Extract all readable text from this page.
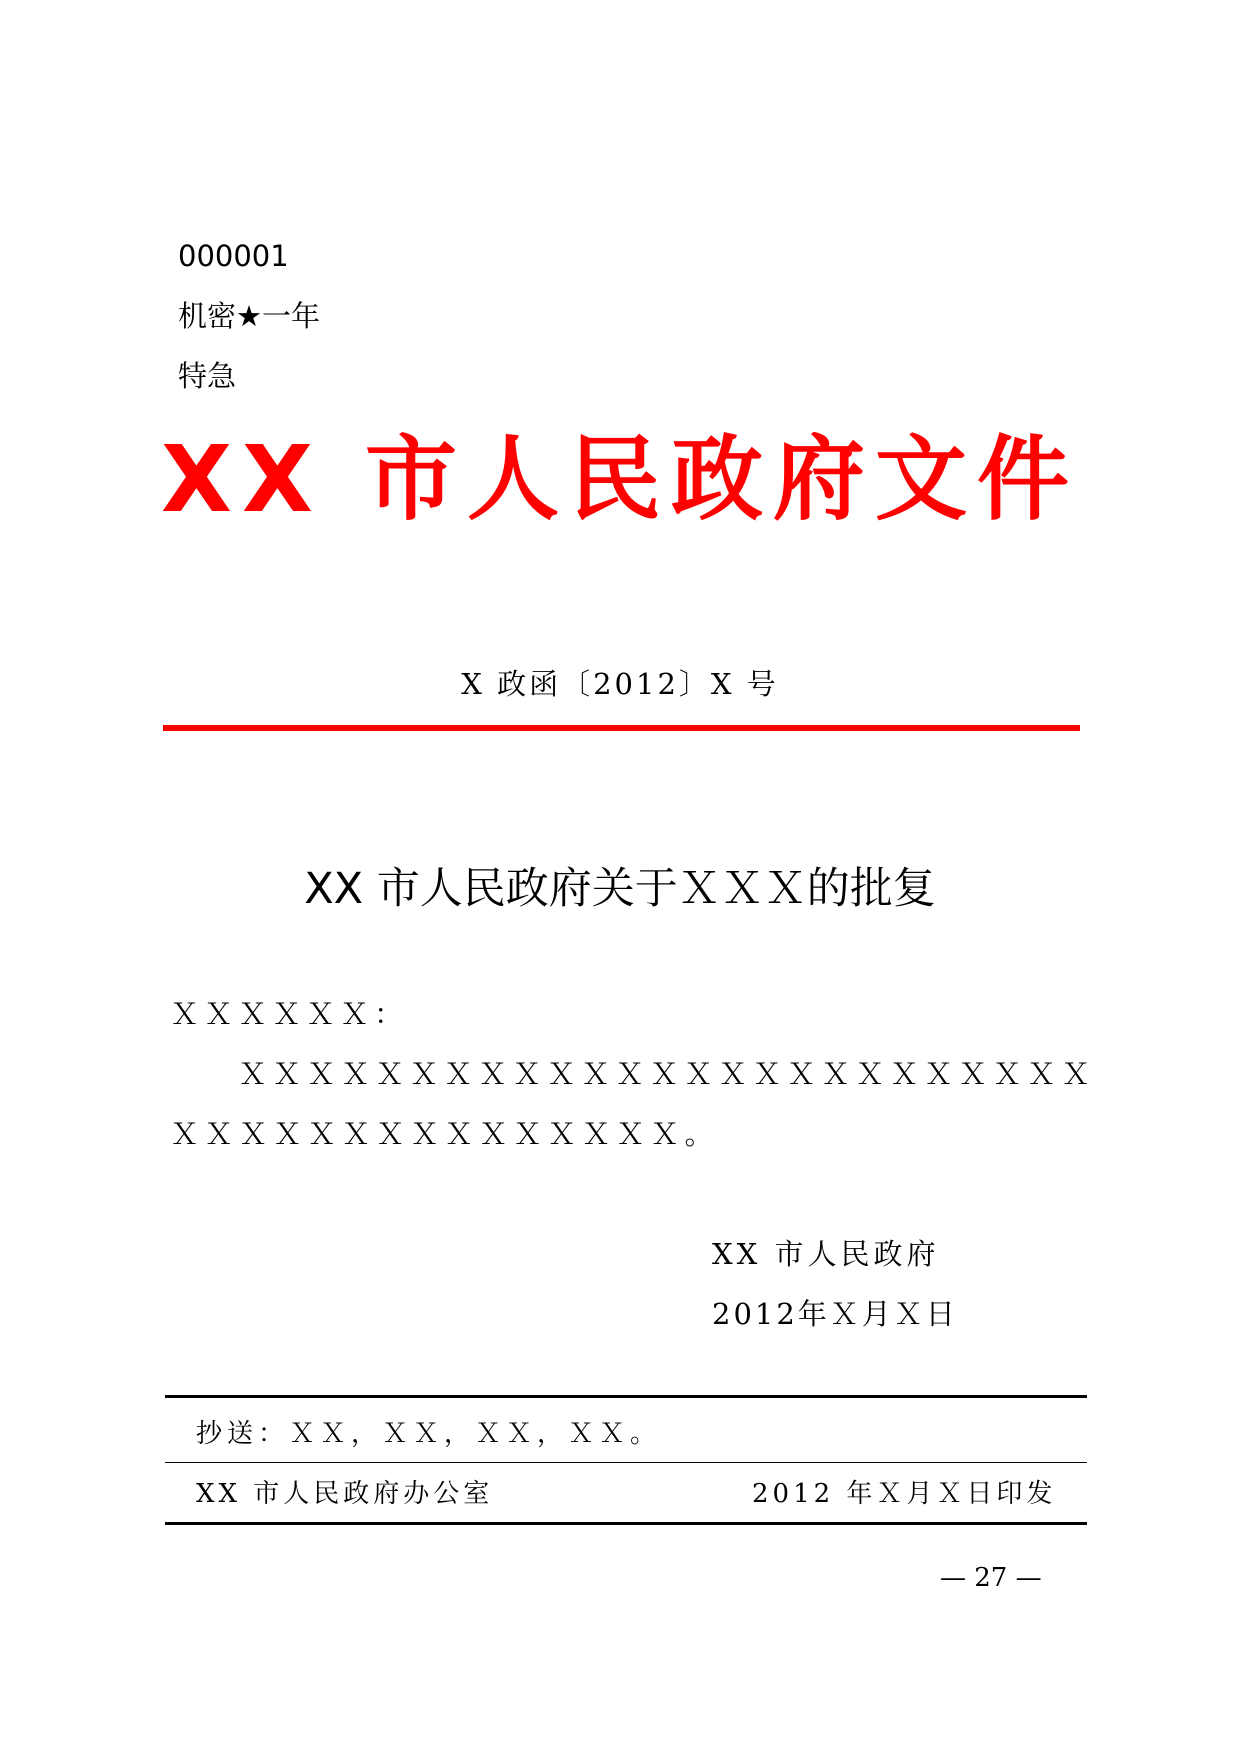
000001
机密★一年
特急
XX 市人民政府文件
X 政函〔2012〕X 号
XX 市人民政府关于ＸＸＸ的批复
ＸＸＸＸＸＸ：
ＸＸＸＸＸＸＸＸＸＸＸＸＸＸＸＸＸＸＸＸＸＸＸＸＸ
ＸＸＸＸＸＸＸＸＸＸＸＸＸＸＸ。
XX 市人民政府
2012年Ｘ月Ｘ日
抄送：ＸＸ，ＸＸ，ＸＸ，ＸＸ。
XX 市人民政府办公室	2012 年Ｘ月Ｘ日印发
— 27 —
